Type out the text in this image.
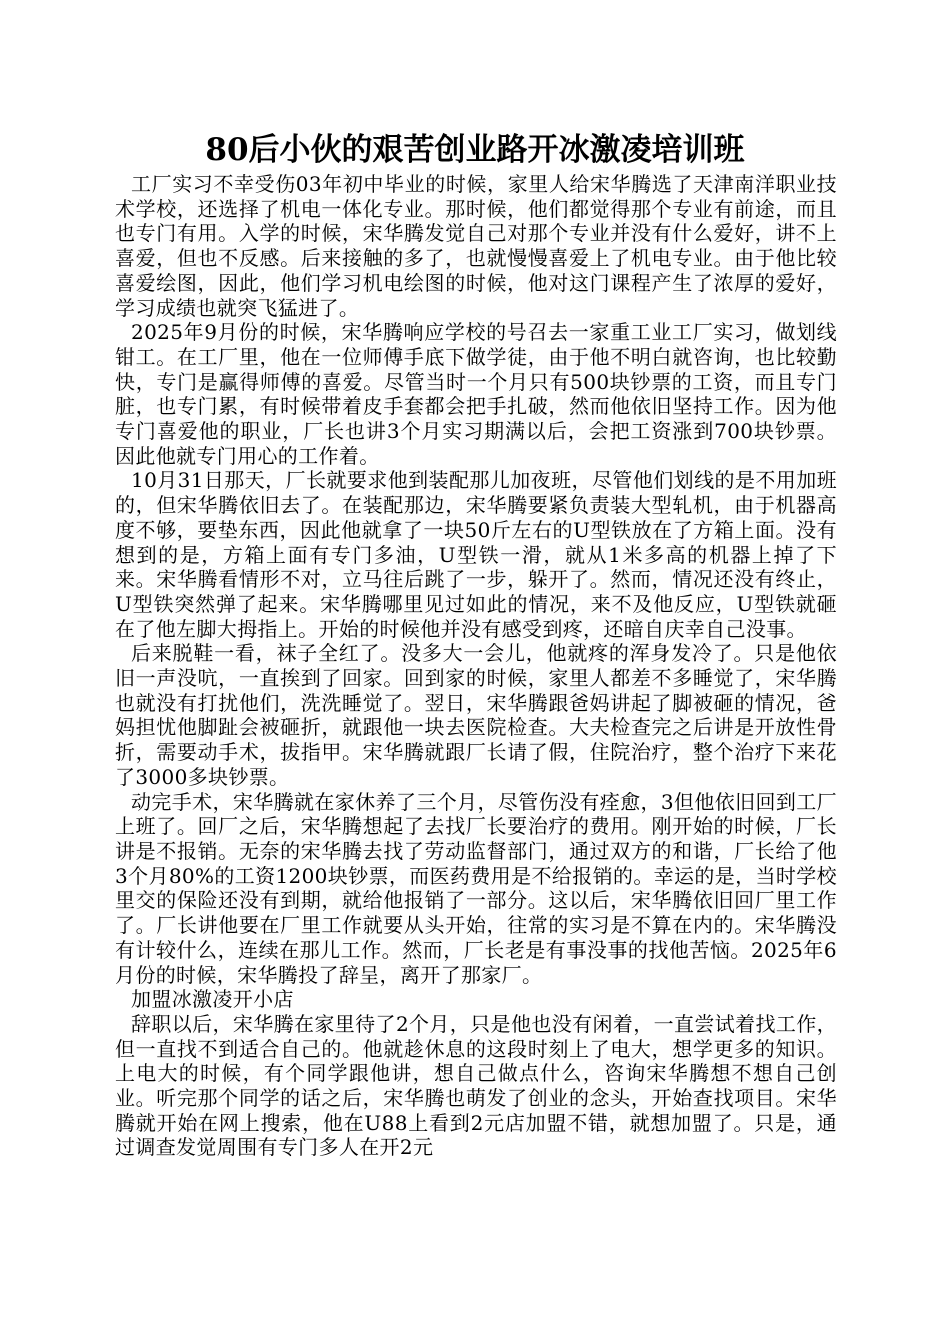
80后小伙的艰苦创业路开冰激凌培训班

工厂实习不幸受伤03年初中毕业的时候，家里人给宋华腾选了天津南洋职业技术学校，还选择了机电一体化专业。那时候，他们都觉得那个专业有前途，而且也专门有用。入学的时候，宋华腾发觉自己对那个专业并没有什么爱好，讲不上喜爱，但也不反感。后来接触的多了，也就慢慢喜爱上了机电专业。由于他比较喜爱绘图，因此，他们学习机电绘图的时候，他对这门课程产生了浓厚的爱好，学习成绩也就突飞猛进了。

2025年9月份的时候，宋华腾响应学校的号召去一家重工业工厂实习，做划线钳工。在工厂里，他在一位师傅手底下做学徒，由于他不明白就咨询，也比较勤快，专门是赢得师傅的喜爱。尽管当时一个月只有500块钞票的工资，而且专门脏，也专门累，有时候带着皮手套都会把手扎破，然而他依旧坚持工作。因为他专门喜爱他的职业，厂长也讲3个月实习期满以后，会把工资涨到700块钞票。因此他就专门用心的工作着。

10月31日那天，厂长就要求他到装配那儿加夜班，尽管他们划线的是不用加班的，但宋华腾依旧去了。在装配那边，宋华腾要紧负责装大型轧机，由于机器高度不够，要垫东西，因此他就拿了一块50斤左右的U型铁放在了方箱上面。没有想到的是，方箱上面有专门多油，U型铁一滑，就从1米多高的机器上掉了下来。宋华腾看情形不对，立马往后跳了一步，躲开了。然而，情况还没有终止，U型铁突然弹了起来。宋华腾哪里见过如此的情况，来不及他反应，U型铁就砸在了他左脚大拇指上。开始的时候他并没有感受到疼，还暗自庆幸自己没事。

后来脱鞋一看，袜子全红了。没多大一会儿，他就疼的浑身发冷了。只是他依旧一声没吭，一直挨到了回家。回到家的时候，家里人都差不多睡觉了，宋华腾也就没有打扰他们，洗洗睡觉了。翌日，宋华腾跟爸妈讲起了脚被砸的情况，爸妈担忧他脚趾会被砸折，就跟他一块去医院检查。大夫检查完之后讲是开放性骨折，需要动手术，拔指甲。宋华腾就跟厂长请了假，住院治疗，整个治疗下来花了3000多块钞票。

动完手术，宋华腾就在家休养了三个月，尽管伤没有痊愈，3但他依旧回到工厂上班了。回厂之后，宋华腾想起了去找厂长要治疗的费用。刚开始的时候，厂长讲是不报销。无奈的宋华腾去找了劳动监督部门，通过双方的和谐，厂长给了他3个月80%的工资1200块钞票，而医药费用是不给报销的。幸运的是，当时学校里交的保险还没有到期，就给他报销了一部分。这以后，宋华腾依旧回厂里工作了。厂长讲他要在厂里工作就要从头开始，往常的实习是不算在内的。宋华腾没有计较什么，连续在那儿工作。然而，厂长老是有事没事的找他苦恼。2025年6月份的时候，宋华腾投了辞呈，离开了那家厂。

加盟冰激凌开小店

辞职以后，宋华腾在家里待了2个月，只是他也没有闲着，一直尝试着找工作，但一直找不到适合自己的。他就趁休息的这段时刻上了电大，想学更多的知识。上电大的时候，有个同学跟他讲，想自己做点什么，咨询宋华腾想不想自己创业。听完那个同学的话之后，宋华腾也萌发了创业的念头，开始查找项目。宋华腾就开始在网上搜索，他在U88上看到2元店加盟不错，就想加盟了。只是，通过调查发觉周围有专门多人在开2元
